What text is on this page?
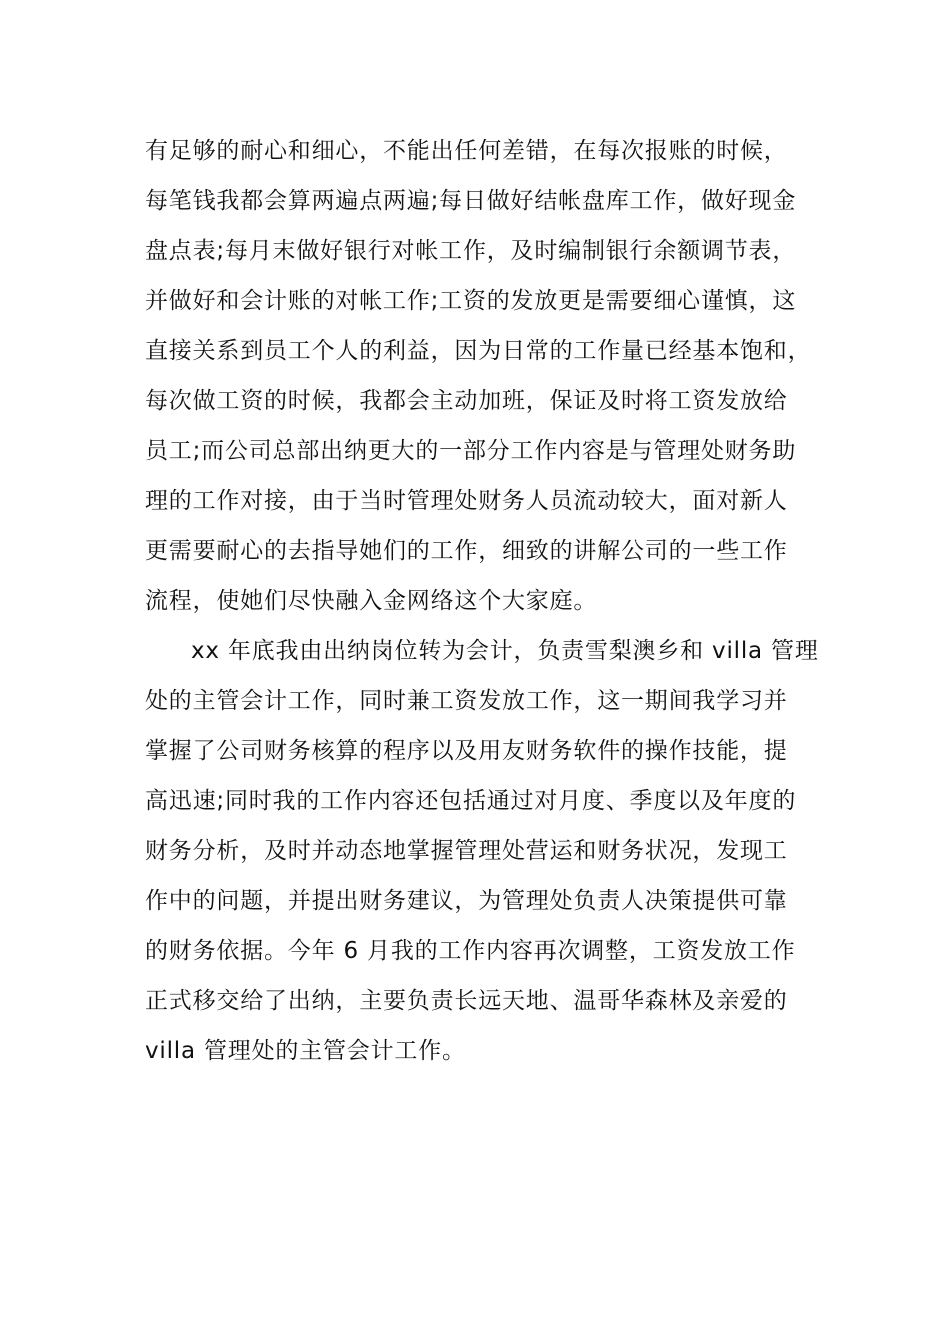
有足够的耐心和细心，不能出任何差错，在每次报账的时候，
每笔钱我都会算两遍点两遍;每日做好结帐盘库工作，做好现金
盘点表;每月末做好银行对帐工作，及时编制银行余额调节表，
并做好和会计账的对帐工作;工资的发放更是需要细心谨慎，这
直接关系到员工个人的利益，因为日常的工作量已经基本饱和，
每次做工资的时候，我都会主动加班，保证及时将工资发放给
员工;而公司总部出纳更大的一部分工作内容是与管理处财务助
理的工作对接，由于当时管理处财务人员流动较大，面对新人
更需要耐心的去指导她们的工作，细致的讲解公司的一些工作
流程，使她们尽快融入金网络这个大家庭。
xx 年底我由出纳岗位转为会计，负责雪梨澳乡和 villa 管理
处的主管会计工作，同时兼工资发放工作，这一期间我学习并
掌握了公司财务核算的程序以及用友财务软件的操作技能，提
高迅速;同时我的工作内容还包括通过对月度、季度以及年度的
财务分析，及时并动态地掌握管理处营运和财务状况，发现工
作中的问题，并提出财务建议，为管理处负责人决策提供可靠
的财务依据。今年 6 月我的工作内容再次调整，工资发放工作
正式移交给了出纳，主要负责长远天地、温哥华森林及亲爱的
villa 管理处的主管会计工作。
